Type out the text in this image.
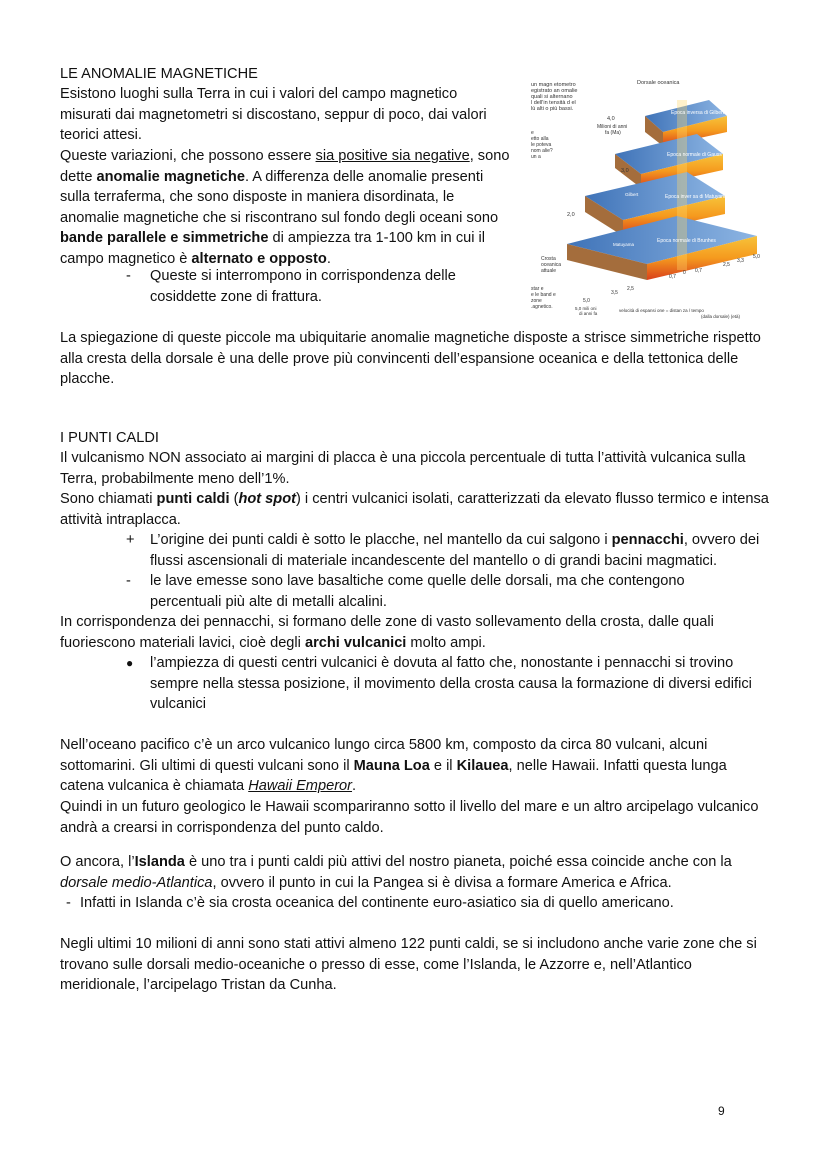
LE ANOMALIE MAGNETICHE
Esistono luoghi sulla Terra in cui i valori del campo magnetico misurati dai magnetometri si discostano, seppur di poco, dai valori teorici attesi.
Queste variazioni, che possono essere sia positive sia negative, sono dette anomalie magnetiche. A differenza delle anomalie presenti sulla terraferma, che sono disposte in maniera disordinata, le anomalie magnetiche che si riscontrano sul fondo degli oceani sono bande parallele e simmetriche di ampiezza tra 1-100 km in cui il campo magnetico è alternato e opposto.
- Queste si interrompono in corrispondenza delle cosiddette zone di frattura.
La spiegazione di queste piccole ma ubiquitarie anomalie magnetiche disposte a strisce simmetriche rispetto alla cresta della dorsale è una delle prove più convincenti dell’espansione oceanica e della tettonica delle placche.
un magn etometro egistrato an omalie quali si alternano l dell'in tensità d el lù alti o più bassi.
Dorsale oceanica
4,0
Milioni di anni fa (Ma)
e etto alla le poteva nom alie? un a
3,0
2,0
Epoca inversa di Gilbert
Epoca normale di Gauss
Epoca inver sa di Matuyama
Epoca normale di Brunhes
Gilbert
Gauss
Matuyama
Crosta oceanica attuale
star e e le band e zone .agnetico.
5,0
3,5
2,5
0,7
0 0,7
2,5
3,3
5,0
5,0 mili oni di anni fa
velocità di espansi one = distan za / tempo (dalla dorsale) (età)
I PUNTI CALDI
Il vulcanismo NON associato ai margini di placca è una piccola percentuale di tutta l’attività vulcanica sulla Terra, probabilmente meno dell’1%.
Sono chiamati punti caldi (hot spot) i centri vulcanici isolati, caratterizzati da elevato flusso termico e intensa attività intraplacca.
+ L’origine dei punti caldi è sotto le placche, nel mantello da cui salgono i pennacchi, ovvero dei flussi ascensionali di materiale incandescente del mantello o di grandi bacini magmatici.
- le lave emesse sono lave basaltiche come quelle delle dorsali, ma che contengono percentuali più alte di metalli alcalini.
In corrispondenza dei pennacchi, si formano delle zone di vasto sollevamento della crosta, dalle quali fuoriescono materiali lavici, cioè degli archi vulcanici molto ampi.
● l’ampiezza di questi centri vulcanici è dovuta al fatto che, nonostante i pennacchi si trovino sempre nella stessa posizione, il movimento della crosta causa la formazione di diversi edifici vulcanici
Nell’oceano pacifico c’è un arco vulcanico lungo circa 5800 km, composto da circa 80 vulcani, alcuni sottomarini. Gli ultimi di questi vulcani sono il Mauna Loa e il Kilauea, nelle Hawaii. Infatti questa lunga catena vulcanica è chiamata Hawaii Emperor.
Quindi in un futuro geologico le Hawaii scompariranno sotto il livello del mare e un altro arcipelago vulcanico andrà a crearsi in corrispondenza del punto caldo.
O ancora, l’Islanda è uno tra i punti caldi più attivi del nostro pianeta, poiché essa coincide anche con la dorsale medio-Atlantica, ovvero il punto in cui la Pangea si è divisa a formare America e Africa.
- Infatti in Islanda c’è sia crosta oceanica del continente euro-asiatico sia di quello americano.
Negli ultimi 10 milioni di anni sono stati attivi almeno 122 punti caldi, se si includono anche varie zone che si trovano sulle dorsali medio-oceaniche o presso di esse, come l’Islanda, le Azzorre e, nell’Atlantico meridionale, l’arcipelago Tristan da Cunha.
9
